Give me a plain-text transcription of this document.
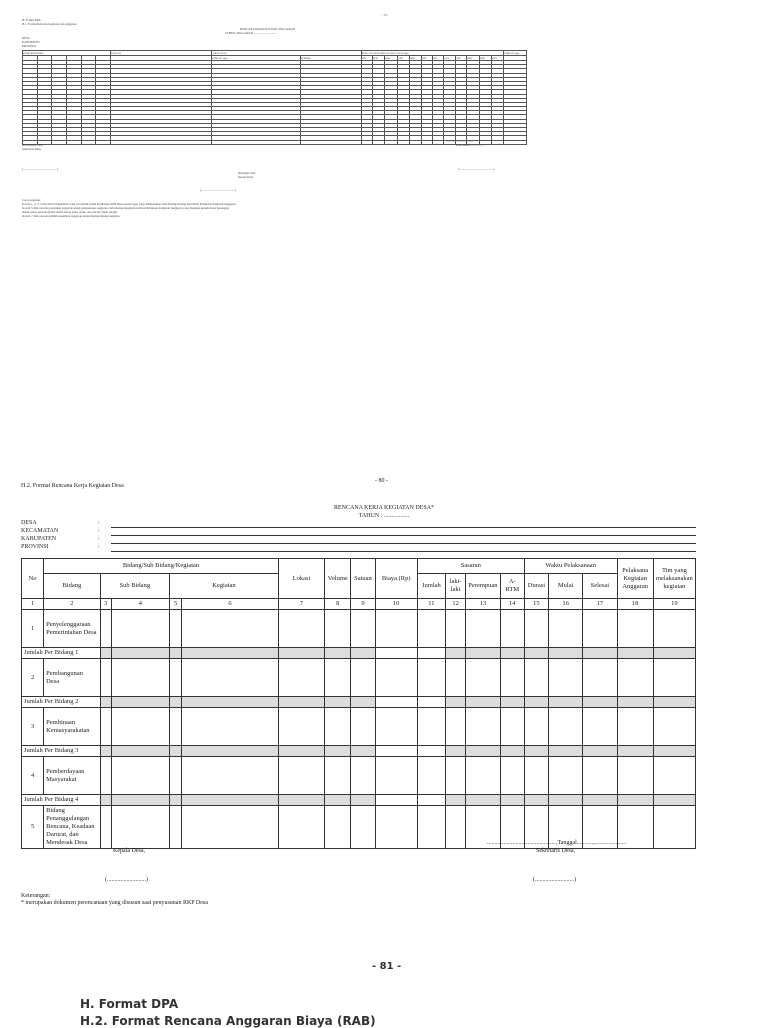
- 79 -
H. Format DPA
H.1. Format Rencana Kegiatan dan Anggaran
RENCANA KEGIATAN DAN ANGGARAN
TAHUN ANGGARAN ...............................
DESA
KABUPATEN
PROVINSI
KODE REKENING						URAIAN	ANGGARAN		RENCANA PENARIKAN ANGGARAN (Rp)												JUMLAH (Rp)
							JUMLAH (Rp)	SUMBER	JAN	FEB	MAR	APR	MEI	JUN	JUL	AGS	SEP	OKT	NOP	DES	

Diverifikasi oleh:
Sekretaris Desa,
................., ..................
Kaur/Kasie...................
(.............................................)	(.............................................)
Disetujui oleh:
Kepala Desa,
(.............................................)
Cara pengisian:
Kolom 1, 2, 3, 4 dan diisi sebagaimana yang tercantum dalam Perubahan APB Desa sesuai tugas yang dilaksanakan oleh masing-masing Kaur/Kasi Pelaksana Kegiatan Anggaran
Kolom 5 diisi rencana penarikan anggaran untuk pelaksanaan anggaran oleh masing-masing Kaur/Kasi Pelaksana Kegiatan Anggaran yang diajukan kepada Kaur Keuangan
dalam setiap periode (bulan dalam kurun jenis, objek, dan rincian objek belanja
Kolom 7 diisi rencana jumlah penarikan anggaran untuk masing-masing kegiatan
- 80 -
H.2. Format Rencana Kerja Kegiatan Desa
RENCANA KERJA KEGIATAN DESA*
TAHUN : .................
DESA	:
KECAMATAN	:
KABUPATEN	:
PROVINSI	:
No	Bidang/Sub Bidang/Kegiatan					Lokasi	Volume	Satuan	Biaya (Rp)	Sasaran				Waktu Pelaksanaan			Pelaksana Kegiatan Anggaran	Tim yang melaksanakan kegiatan
	Bidang	Sub Bidang		Kegiatan						Jumlah	laki-laki	Perempuan	A-RTM	Durasi	Mulai	Selesai		
1	2	3	4	5	6	7	8	9	10	11	12	13	14	15	16	17	18	19
1	Penyelenggaraan Pemerintahan Desa																	
Jumlah Per Bidang 1																		
2	Pembangunan Desa																	
Jumlah Per Bidang 2																		
3	Pembinaan Kemasyarakatan																	
Jumlah Per Bidang 3																		
4	Pemberdayaan Masyarakat																	
Jumlah Per Bidang 4																		
5	Bidang Penanggulangan Bencana, Keadaan Darurat, dan Mendesak Desa																	
Kepala Desa,
..............................................,Tanggal...........,.....................
Sekretaris Desa,
(..........................)	(..........................)
Keterangan:
* merupakan dokumen perencanaan yang disusun saat penyusunan RKP Desa
- 81 -
H. Format DPA
H.2. Format Rencana Anggaran Biaya (RAB)
